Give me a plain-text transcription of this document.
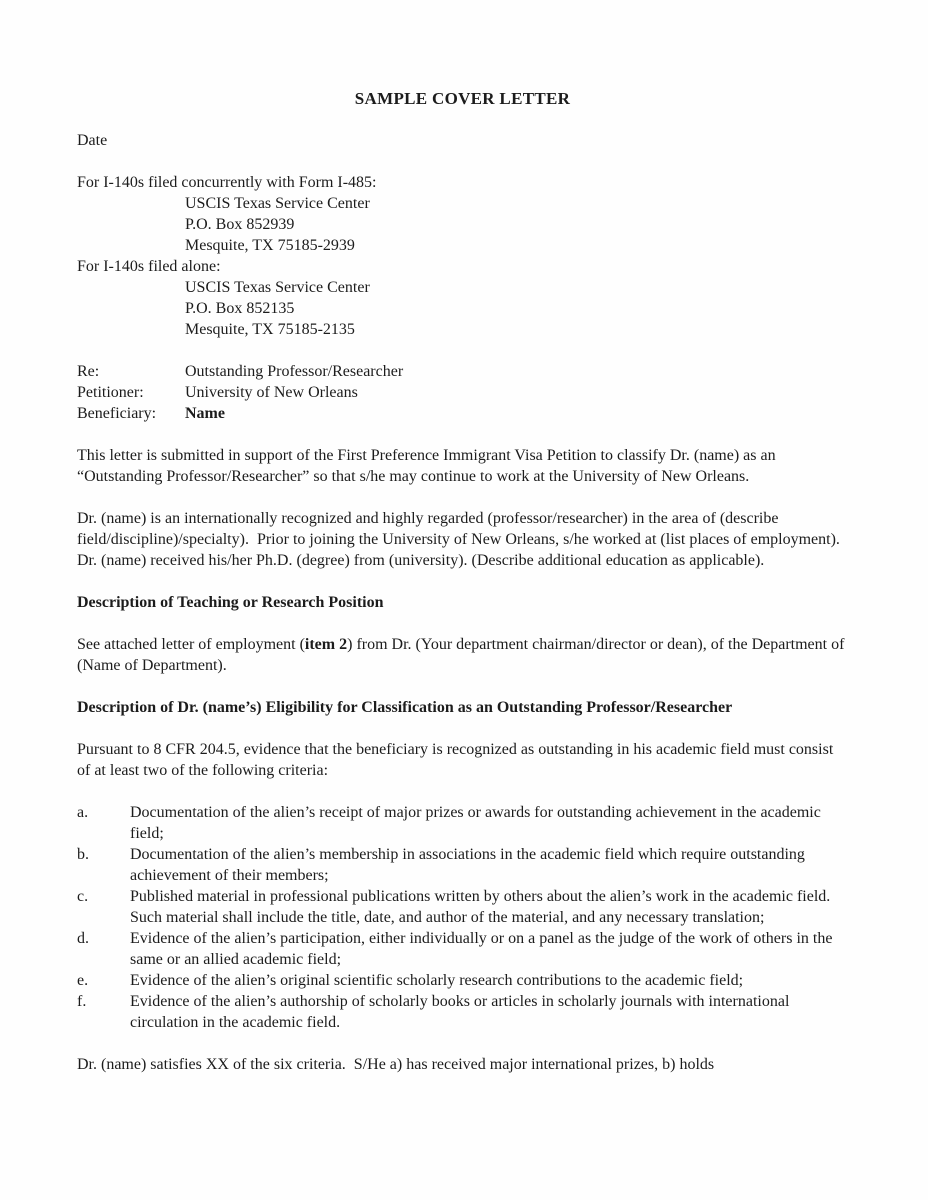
SAMPLE COVER LETTER
Date
For I-140s filed concurrently with Form I-485:
USCIS Texas Service Center
P.O. Box 852939
Mesquite, TX 75185-2939
For I-140s filed alone:
USCIS Texas Service Center
P.O. Box 852135
Mesquite, TX 75185-2135
Re:	Outstanding Professor/Researcher
Petitioner:	University of New Orleans
Beneficiary:	Name
This letter is submitted in support of the First Preference Immigrant Visa Petition to classify Dr. (name) as an “Outstanding Professor/Researcher” so that s/he may continue to work at the University of New Orleans.
Dr. (name) is an internationally recognized and highly regarded (professor/researcher) in the area of (describe field/discipline)/specialty).  Prior to joining the University of New Orleans, s/he worked at (list places of employment). Dr. (name) received his/her Ph.D. (degree) from (university). (Describe additional education as applicable).
Description of Teaching or Research Position
See attached letter of employment (item 2) from Dr. (Your department chairman/director or dean), of the Department of (Name of Department).
Description of Dr. (name’s) Eligibility for Classification as an Outstanding Professor/Researcher
Pursuant to 8 CFR 204.5, evidence that the beneficiary is recognized as outstanding in his academic field must consist of at least two of the following criteria:
a.	Documentation of the alien’s receipt of major prizes or awards for outstanding achievement in the academic field;
b.	Documentation of the alien’s membership in associations in the academic field which require outstanding achievement of their members;
c.	Published material in professional publications written by others about the alien’s work in the academic field.  Such material shall include the title, date, and author of the material, and any necessary translation;
d.	Evidence of the alien’s participation, either individually or on a panel as the judge of the work of others in the same or an allied academic field;
e.	Evidence of the alien’s original scientific scholarly research contributions to the academic field;
f.	Evidence of the alien’s authorship of scholarly books or articles in scholarly journals with international circulation in the academic field.
Dr. (name) satisfies XX of the six criteria.  S/He a) has received major international prizes, b) holds
